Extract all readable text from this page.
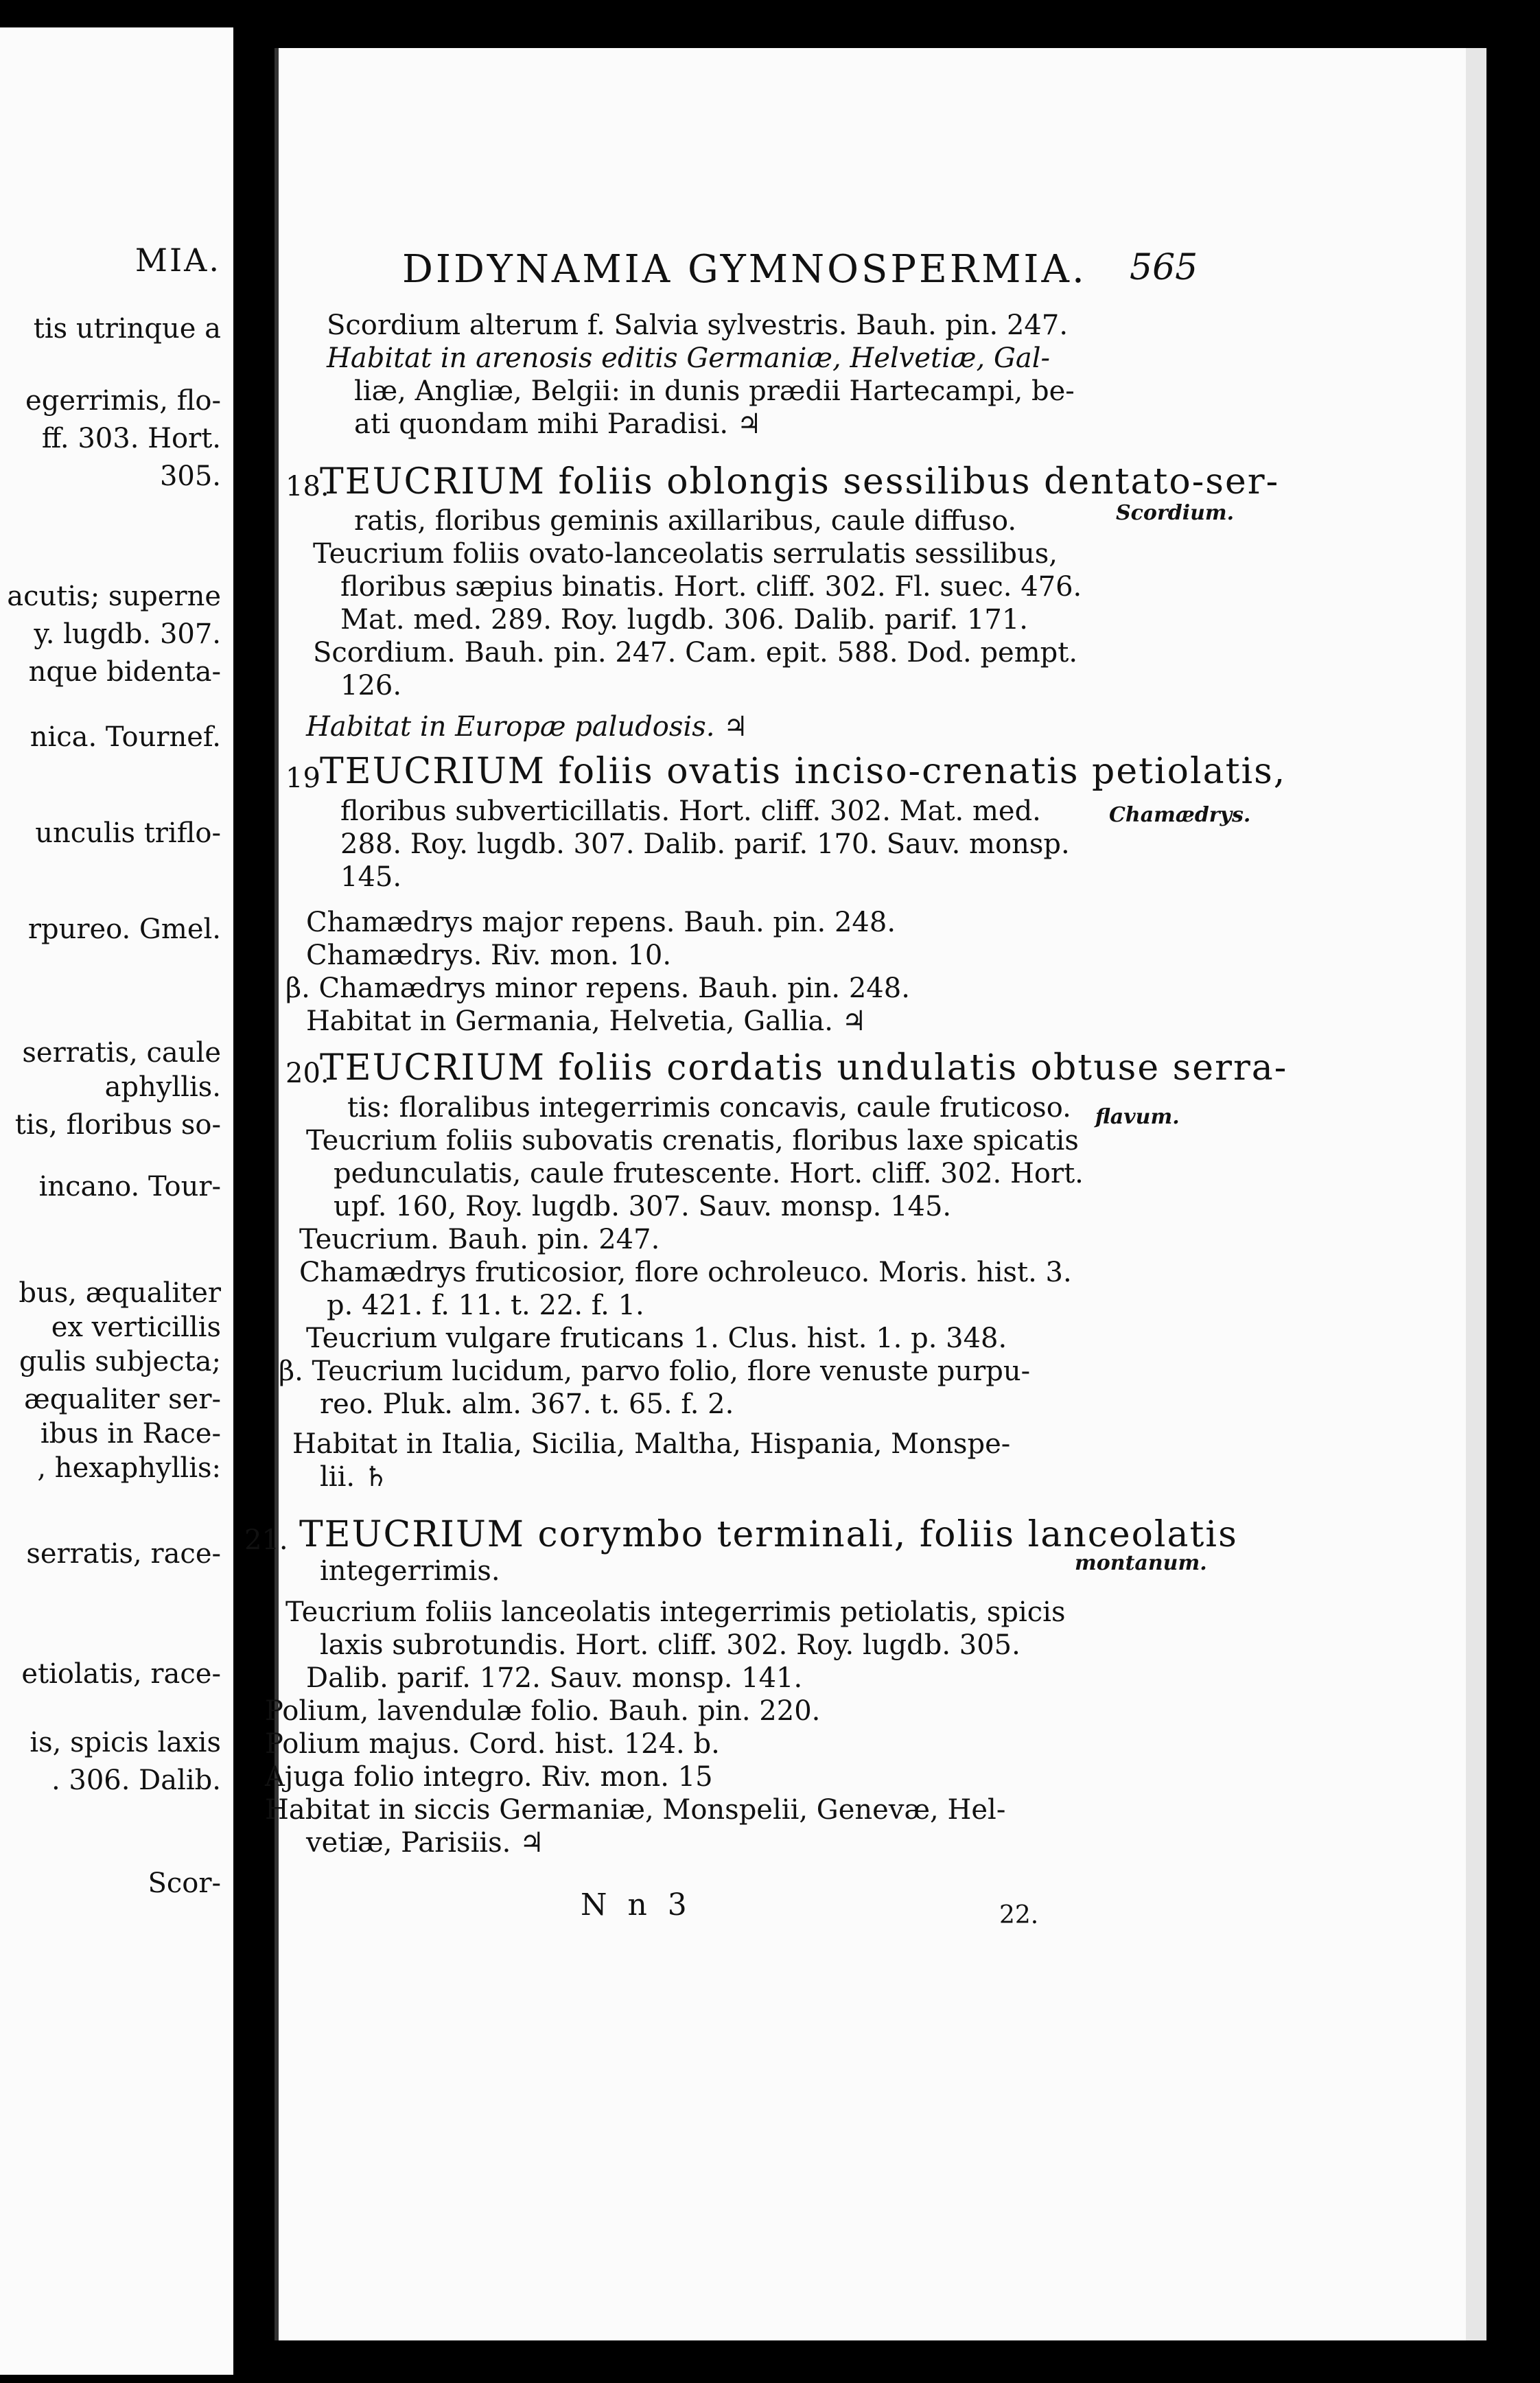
MIA.
tis utrinque a
egerrimis, flo-
ff. 303. Hort.
305.
acutis; superne
y. lugdb. 307.
nque bidenta-
nica. Tournef.
unculis triflo-
rpureo. Gmel.
serratis, caule
aphyllis.
tis, floribus so-
incano. Tour-
bus, æqualiter
ex verticillis
gulis subjecta;
æqualiter ser-
ibus in Race-
, hexaphyllis:
serratis, race-
etiolatis, race-
is, spicis laxis
. 306. Dalib.
Scor-
DIDYNAMIA GYMNOSPERMIA. 565
Scordium alterum f. Salvia sylvestris. Bauh. pin. 247.
Habitat in arenosis editis Germaniæ, Helvetiæ, Gal-
liæ, Angliæ, Belgii: in dunis prædii Hartecampi, be-
ati quondam mihi Paradisi. ♃
18.
TEUCRIUM foliis oblongis sessilibus dentato-ser-
Scordium.
ratis, floribus geminis axillaribus, caule diffuso.
Teucrium foliis ovato-lanceolatis serrulatis sessilibus,
floribus sæpius binatis. Hort. cliff. 302. Fl. suec. 476.
Mat. med. 289. Roy. lugdb. 306. Dalib. parif. 171.
Scordium. Bauh. pin. 247. Cam. epit. 588. Dod. pempt.
126.
Habitat in Europæ paludosis. ♃
19 TEUCRIUM foliis ovatis inciso-crenatis petiolatis,
Chamædrys.
floribus subverticillatis. Hort. cliff. 302. Mat. med.
288. Roy. lugdb. 307. Dalib. parif. 170. Sauv. monsp.
145.
Chamædrys major repens. Bauh. pin. 248.
Chamædrys. Riv. mon. 10.
β. Chamædrys minor repens. Bauh. pin. 248.
Habitat in Germania, Helvetia, Gallia. ♃
20.
TEUCRIUM foliis cordatis undulatis obtuse serra-
flavum.
tis: floralibus integerrimis concavis, caule fruticoso.
Teucrium foliis subovatis crenatis, floribus laxe spicatis
pedunculatis, caule frutescente. Hort. cliff. 302. Hort.
upf. 160, Roy. lugdb. 307. Sauv. monsp. 145.
Teucrium. Bauh. pin. 247.
Chamædrys fruticosior, flore ochroleuco. Moris. hist. 3.
p. 421. f. 11. t. 22. f. 1.
Teucrium vulgare fruticans 1. Clus. hist. 1. p. 348.
β. Teucrium lucidum, parvo folio, flore venuste purpu-
reo. Pluk. alm. 367. t. 65. f. 2.
Habitat in Italia, Sicilia, Maltha, Hispania, Monspe-
lii. ♄
21. TEUCRIUM corymbo terminali, foliis lanceolatis
montanum.
integerrimis.
Teucrium foliis lanceolatis integerrimis petiolatis, spicis
laxis subrotundis. Hort. cliff. 302. Roy. lugdb. 305.
Dalib. parif. 172. Sauv. monsp. 141.
Polium, lavendulæ folio. Bauh. pin. 220.
Polium majus. Cord. hist. 124. b.
Ajuga folio integro. Riv. mon. 15
Habitat in siccis Germaniæ, Monspelii, Genevæ, Hel-
vetiæ, Parisiis. ♃
N n 3	22.
